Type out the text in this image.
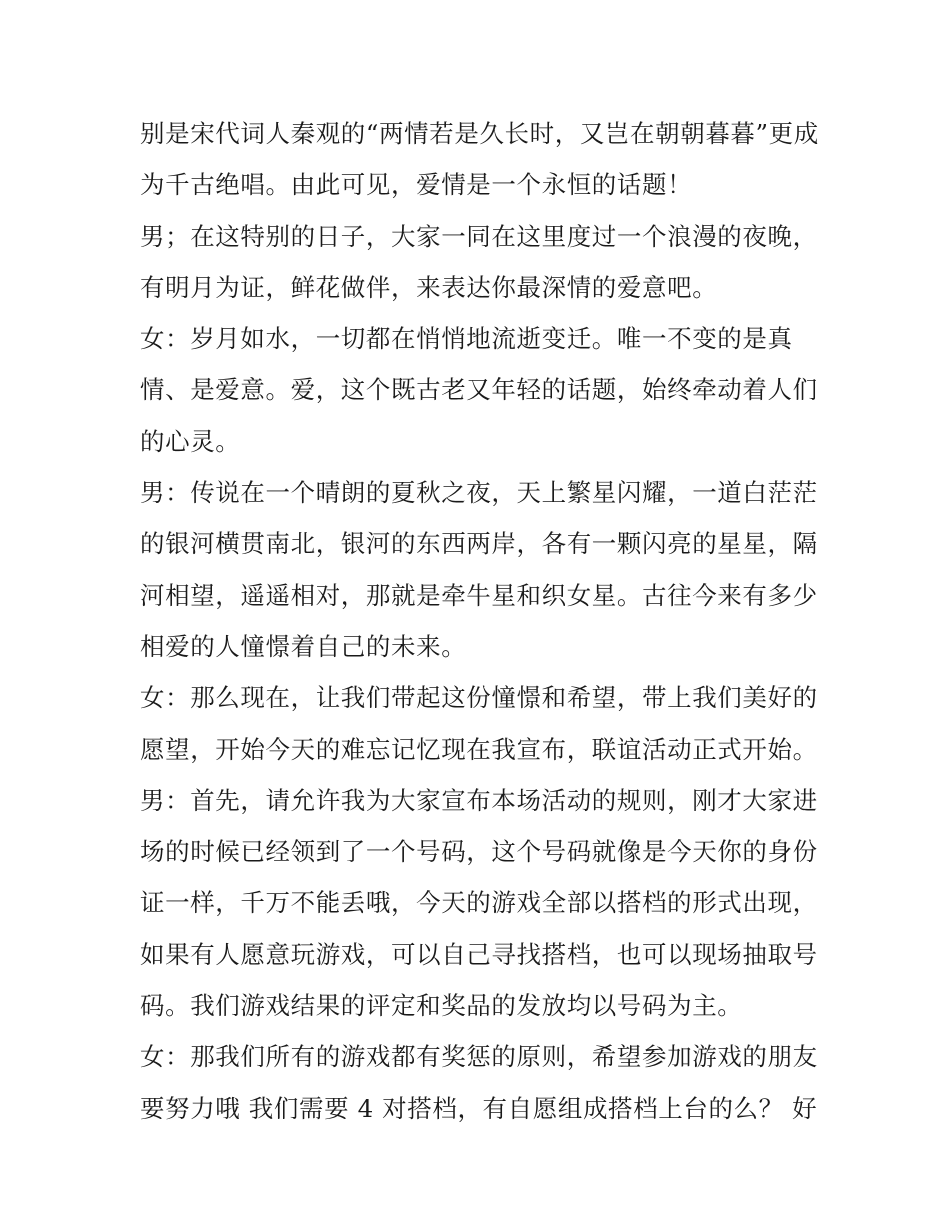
别是宋代词人秦观的“两情若是久长时，又岂在朝朝暮暮”更成
为千古绝唱。由此可见，爱情是一个永恒的话题！
男；在这特别的日子，大家一同在这里度过一个浪漫的夜晚，
有明月为证，鲜花做伴，来表达你最深情的爱意吧。
女：岁月如水，一切都在悄悄地流逝变迁。唯一不变的是真
情、是爱意。爱，这个既古老又年轻的话题，始终牵动着人们
的心灵。
男：传说在一个晴朗的夏秋之夜，天上繁星闪耀，一道白茫茫
的银河横贯南北，银河的东西两岸，各有一颗闪亮的星星，隔
河相望，遥遥相对，那就是牵牛星和织女星。古往今来有多少
相爱的人憧憬着自己的未来。
女：那么现在，让我们带起这份憧憬和希望，带上我们美好的
愿望，开始今天的难忘记忆现在我宣布，联谊活动正式开始。
男：首先，请允许我为大家宣布本场活动的规则，刚才大家进
场的时候已经领到了一个号码，这个号码就像是今天你的身份
证一样，千万不能丢哦，今天的游戏全部以搭档的形式出现，
如果有人愿意玩游戏，可以自己寻找搭档，也可以现场抽取号
码。我们游戏结果的评定和奖品的发放均以号码为主。
女：那我们所有的游戏都有奖惩的原则，希望参加游戏的朋友
要努力哦 我们需要 4 对搭档，有自愿组成搭档上台的么？ 好
